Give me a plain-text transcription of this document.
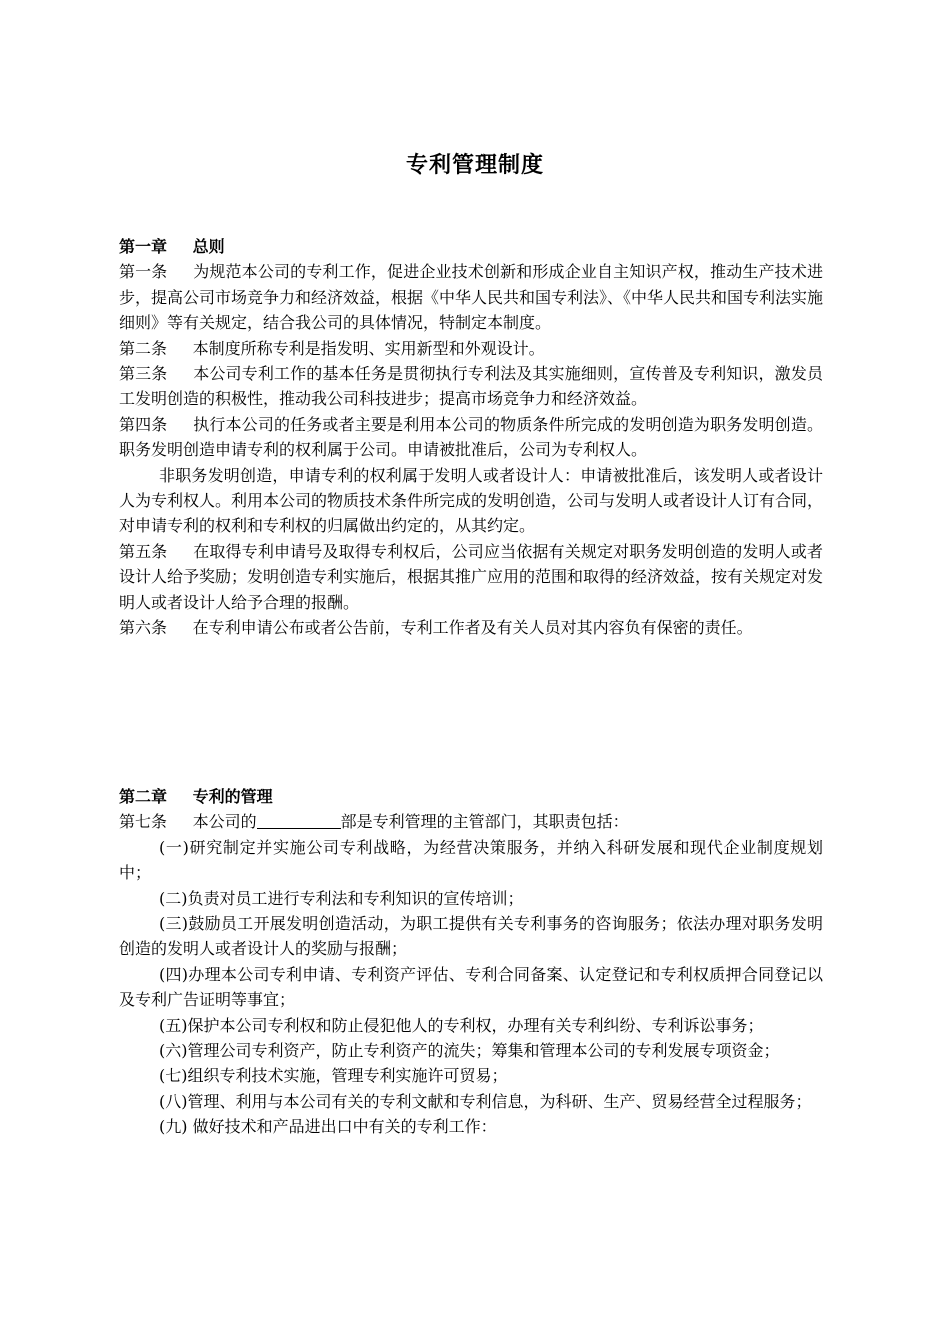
专利管理制度
第一章 总则

第一条 为规范本公司的专利工作，促进企业技术创新和形成企业自主知识产权，推动生产技术进步，提高公司市场竞争力和经济效益，根据《中华人民共和国专利法》、《中华人民共和国专利法实施细则》等有关规定，结合我公司的具体情况，特制定本制度。

第二条 本制度所称专利是指发明、实用新型和外观设计。

第三条 本公司专利工作的基本任务是贯彻执行专利法及其实施细则，宣传普及专利知识，激发员工发明创造的积极性，推动我公司科技进步；提高市场竞争力和经济效益。

第四条 执行本公司的任务或者主要是利用本公司的物质条件所完成的发明创造为职务发明创造。职务发明创造申请专利的权利属于公司。申请被批准后，公司为专利权人。

非职务发明创造，申请专利的权利属于发明人或者设计人：申请被批准后，该发明人或者设计人为专利权人。利用本公司的物质技术条件所完成的发明创造，公司与发明人或者设计人订有合同，对申请专利的权利和专利权的归属做出约定的，从其约定。

第五条 在取得专利申请号及取得专利权后，公司应当依据有关规定对职务发明创造的发明人或者设计人给予奖励；发明创造专利实施后，根据其推广应用的范围和取得的经济效益，按有关规定对发明人或者设计人给予合理的报酬。

第六条 在专利申请公布或者公告前，专利工作者及有关人员对其内容负有保密的责任。

第二章 专利的管理

第七条 本公司的	部是专利管理的主管部门，其职责包括：

(一)研究制定并实施公司专利战略，为经营决策服务，并纳入科研发展和现代企业制度规划中；

(二)负责对员工进行专利法和专利知识的宣传培训；

(三)鼓励员工开展发明创造活动，为职工提供有关专利事务的咨询服务；依法办理对职务发明创造的发明人或者设计人的奖励与报酬；

(四)办理本公司专利申请、专利资产评估、专利合同备案、认定登记和专利权质押合同登记以及专利广告证明等事宜；

(五)保护本公司专利权和防止侵犯他人的专利权，办理有关专利纠纷、专利诉讼事务；

(六)管理公司专利资产，防止专利资产的流失；筹集和管理本公司的专利发展专项资金；

(七)组织专利技术实施，管理专利实施许可贸易；

(八)管理、利用与本公司有关的专利文献和专利信息，为科研、生产、贸易经营全过程服务；

(九) 做好技术和产品进出口中有关的专利工作：
